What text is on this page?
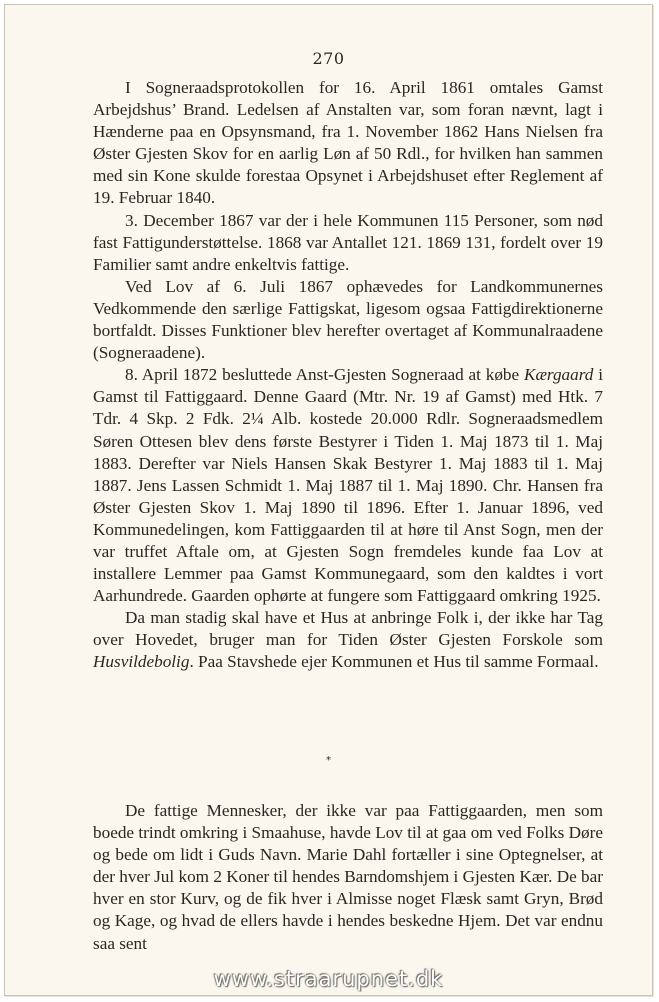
270

I Sogneraadsprotokollen for 16. April 1861 omtales Gamst Arbejdshus’ Brand. Ledelsen af Anstalten var, som foran nævnt, lagt i Hænderne paa en Opsynsmand, fra 1. November 1862 Hans Nielsen fra Øster Gjesten Skov for en aarlig Løn af 50 Rdl., for hvilken han sammen med sin Kone skulde forestaa Opsynet i Arbejdshuset efter Reglement af 19. Februar 1840.

3. December 1867 var der i hele Kommunen 115 Personer, som nød fast Fattigunderstøttelse. 1868 var Antallet 121. 1869 131, fordelt over 19 Familier samt andre enkeltvis fattige.

Ved Lov af 6. Juli 1867 ophævedes for Landkommunernes Vedkommende den særlige Fattigskat, ligesom ogsaa Fattigdirektionerne bortfaldt. Disses Funktioner blev herefter overtaget af Kommunalraadene (Sogneraadene).

8. April 1872 besluttede Anst-Gjesten Sogneraad at købe Kærgaard i Gamst til Fattiggaard. Denne Gaard (Mtr. Nr. 19 af Gamst) med Htk. 7 Tdr. 4 Skp. 2 Fdk. 2¼ Alb. kostede 20.000 Rdlr. Sogneraadsmedlem Søren Ottesen blev dens første Bestyrer i Tiden 1. Maj 1873 til 1. Maj 1883. Derefter var Niels Hansen Skak Bestyrer 1. Maj 1883 til 1. Maj 1887. Jens Lassen Schmidt 1. Maj 1887 til 1. Maj 1890. Chr. Hansen fra Øster Gjesten Skov 1. Maj 1890 til 1896. Efter 1. Januar 1896, ved Kommunedelingen, kom Fattiggaarden til at høre til Anst Sogn, men der var truffet Aftale om, at Gjesten Sogn fremdeles kunde faa Lov at installere Lemmer paa Gamst Kommunegaard, som den kaldtes i vort Aarhundrede. Gaarden ophørte at fungere som Fattiggaard omkring 1925.

Da man stadig skal have et Hus at anbringe Folk i, der ikke har Tag over Hovedet, bruger man for Tiden Øster Gjesten Forskole som Husvildebolig. Paa Stavshede ejer Kommunen et Hus til samme Formaal.

*

De fattige Mennesker, der ikke var paa Fattiggaarden, men som boede trindt omkring i Smaahuse, havde Lov til at gaa om ved Folks Døre og bede om lidt i Guds Navn. Marie Dahl fortæller i sine Optegnelser, at der hver Jul kom 2 Koner til hendes Barndomshjem i Gjesten Kær. De bar hver en stor Kurv, og de fik hver i Almisse noget Flæsk samt Gryn, Brød og Kage, og hvad de ellers havde i hendes beskedne Hjem. Det var endnu saa sent

www.straarupnet.dk
